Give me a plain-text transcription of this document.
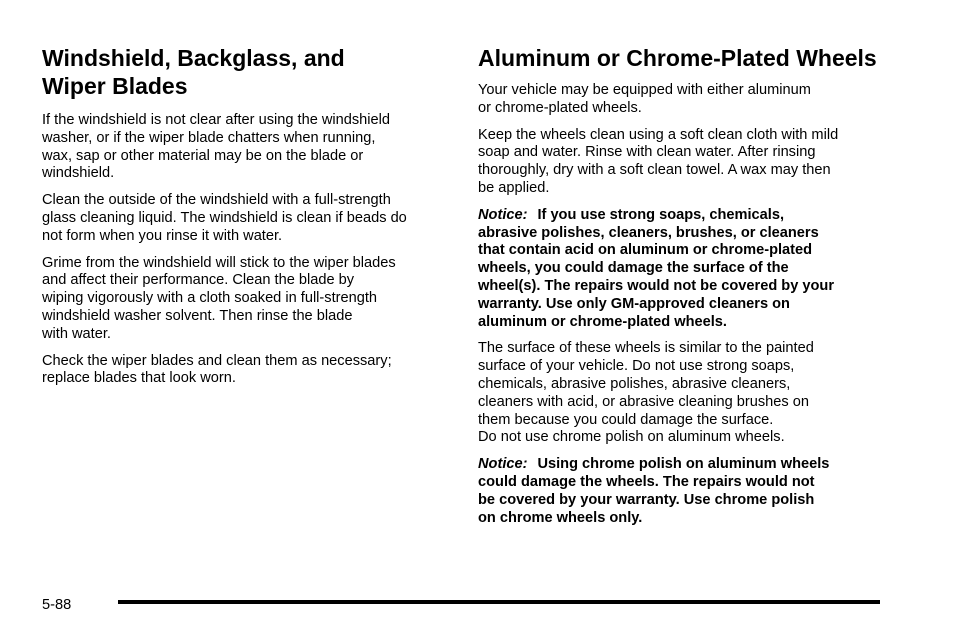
Windshield, Backglass, and
Wiper Blades

If the windshield is not clear after using the windshield
washer, or if the wiper blade chatters when running,
wax, sap or other material may be on the blade or
windshield.

Clean the outside of the windshield with a full-strength
glass cleaning liquid. The windshield is clean if beads do
not form when you rinse it with water.

Grime from the windshield will stick to the wiper blades
and affect their performance. Clean the blade by
wiping vigorously with a cloth soaked in full-strength
windshield washer solvent. Then rinse the blade
with water.

Check the wiper blades and clean them as necessary;
replace blades that look worn.

Aluminum or Chrome-Plated Wheels

Your vehicle may be equipped with either aluminum
or chrome-plated wheels.

Keep the wheels clean using a soft clean cloth with mild
soap and water. Rinse with clean water. After rinsing
thoroughly, dry with a soft clean towel. A wax may then
be applied.

Notice: If you use strong soaps, chemicals,
abrasive polishes, cleaners, brushes, or cleaners
that contain acid on aluminum or chrome-plated
wheels, you could damage the surface of the
wheel(s). The repairs would not be covered by your
warranty. Use only GM-approved cleaners on
aluminum or chrome-plated wheels.

The surface of these wheels is similar to the painted
surface of your vehicle. Do not use strong soaps,
chemicals, abrasive polishes, abrasive cleaners,
cleaners with acid, or abrasive cleaning brushes on
them because you could damage the surface.
Do not use chrome polish on aluminum wheels.

Notice: Using chrome polish on aluminum wheels
could damage the wheels. The repairs would not
be covered by your warranty. Use chrome polish
on chrome wheels only.

5-88
